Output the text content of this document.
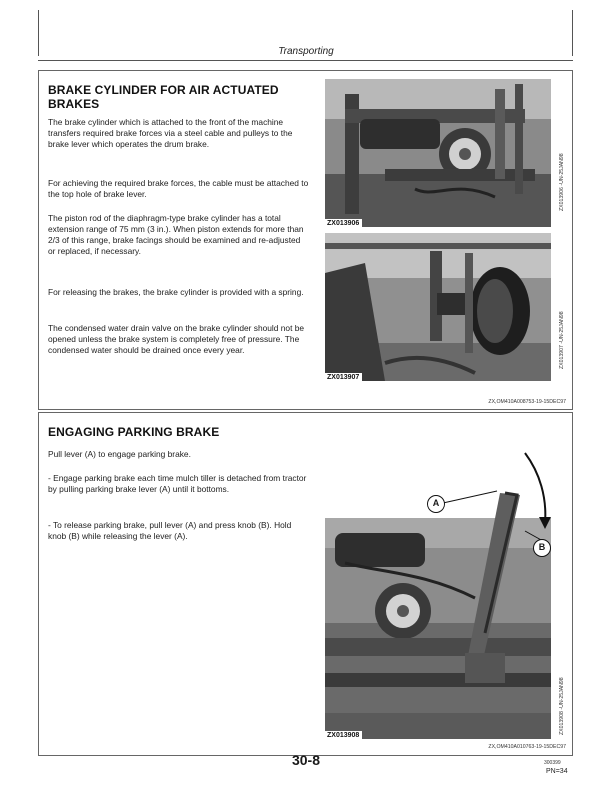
Transporting
BRAKE CYLINDER FOR AIR ACTUATED
BRAKES

The brake cylinder which is attached to the front of the machine transfers required brake forces via a steel cable and pulleys to the brake lever which operates the drum brake.

For achieving the required brake forces, the cable must be attached to the top hole of brake lever.

The piston rod of the diaphragm-type brake cylinder has a total extension range of 75 mm (3 in.). When piston extends for more than 2/3 of this range, brake facings should be examined and re-adjusted or replaced, if necessary.

For releasing the brakes, the brake cylinder is provided with a spring.

The condensed water drain valve on the brake cylinder should not be opened unless the brake system is completely free of pressure. The condensed water should be drained once every year.

ZX013906
ZX013906 -UN-25JAN98
ZX013907
ZX013907 -UN-25JAN98
ZX,OM410A008753-19-15DEC97
ENGAGING PARKING BRAKE

Pull lever (A) to engage parking brake.

- Engage parking brake each time mulch tiller is detached from tractor by pulling parking brake lever (A) until it bottoms.

- To release parking brake, pull lever (A) and press knob (B). Hold knob (B) while releasing the lever (A).

A
B
ZX013908
ZX013908 -UN-25JAN98
ZX,OM410A010763-19-15DEC97
30-8	300399
PN=34
